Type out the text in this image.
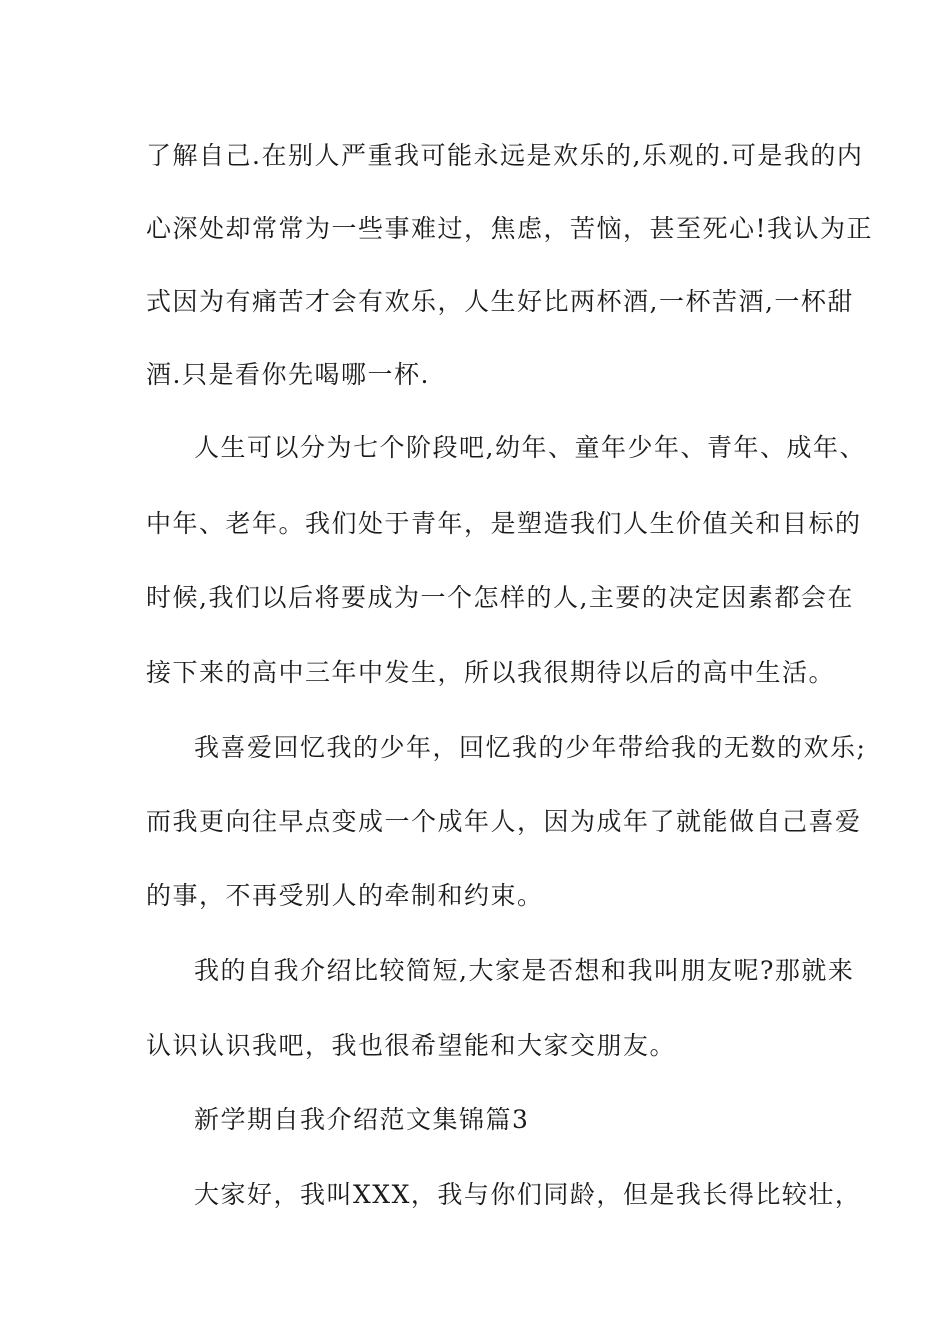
了解自己.在别人严重我可能永远是欢乐的,乐观的.可是我的内
心深处却常常为一些事难过，焦虑，苦恼，甚至死心!我认为正
式因为有痛苦才会有欢乐，人生好比两杯酒,一杯苦酒,一杯甜
酒.只是看你先喝哪一杯.
人生可以分为七个阶段吧,幼年、童年少年、青年、成年、
中年、老年。我们处于青年，是塑造我们人生价值关和目标的
时候,我们以后将要成为一个怎样的人,主要的决定因素都会在
接下来的高中三年中发生，所以我很期待以后的高中生活。
我喜爱回忆我的少年，回忆我的少年带给我的无数的欢乐;
而我更向往早点变成一个成年人，因为成年了就能做自己喜爱
的事，不再受别人的牵制和约束。
我的自我介绍比较简短,大家是否想和我叫朋友呢?那就来
认识认识我吧，我也很希望能和大家交朋友。
新学期自我介绍范文集锦篇3
大家好，我叫XXX，我与你们同龄，但是我长得比较壮，
